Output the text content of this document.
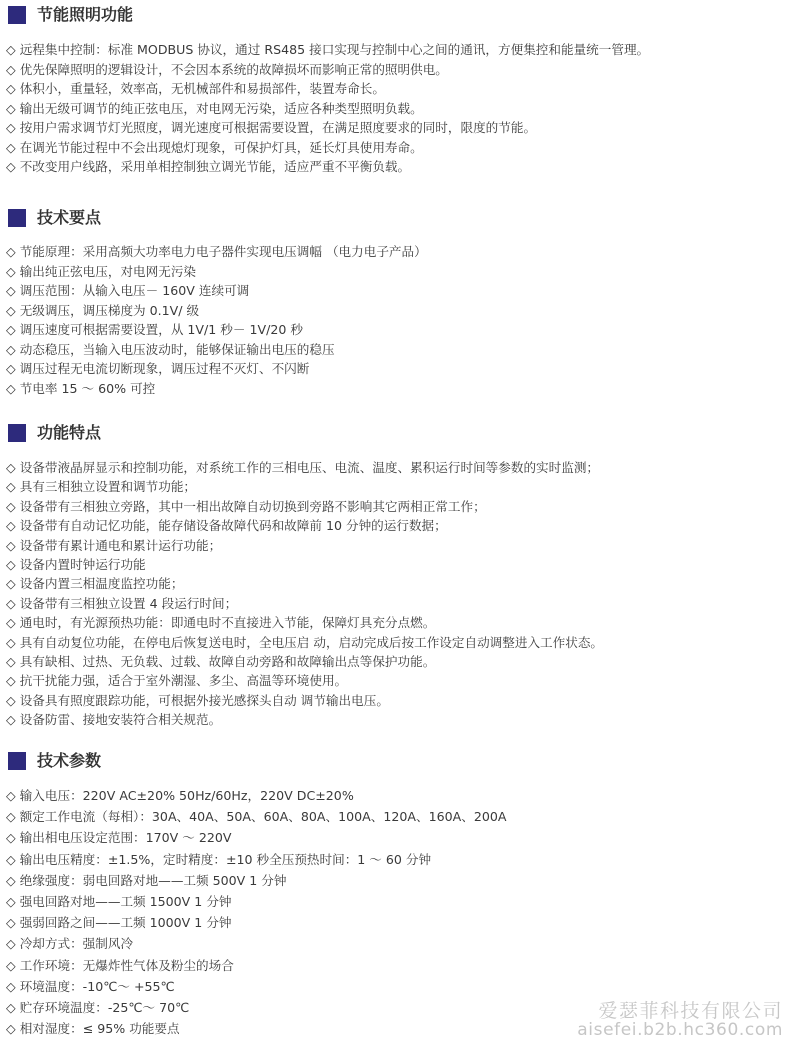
节能照明功能
◇ 远程集中控制：标准 MODBUS 协议，通过 RS485 接口实现与控制中心之间的通讯，方便集控和能量统一管理。
◇ 优先保障照明的逻辑设计，不会因本系统的故障损坏而影响正常的照明供电。
◇ 体积小，重量轻，效率高，无机械部件和易损部件，装置寿命长。
◇ 输出无级可调节的纯正弦电压，对电网无污染，适应各种类型照明负载。
◇ 按用户需求调节灯光照度，调光速度可根据需要设置，在满足照度要求的同时，限度的节能。
◇ 在调光节能过程中不会出现熄灯现象，可保护灯具，延长灯具使用寿命。
◇ 不改变用户线路，采用单相控制独立调光节能，适应严重不平衡负载。
技术要点
◇ 节能原理：采用高频大功率电力电子器件实现电压调幅 （电力电子产品）
◇ 输出纯正弦电压，对电网无污染
◇ 调压范围：从输入电压－ 160V 连续可调
◇ 无级调压，调压梯度为 0.1V/ 级
◇ 调压速度可根据需要设置，从 1V/1 秒－ 1V/20 秒
◇ 动态稳压，当输入电压波动时，能够保证输出电压的稳压
◇ 调压过程无电流切断现象，调压过程不灭灯、不闪断
◇ 节电率 15 ～ 60% 可控
功能特点
◇ 设备带液晶屏显示和控制功能，对系统工作的三相电压、电流、温度、累积运行时间等参数的实时监测；
◇ 具有三相独立设置和调节功能；
◇ 设备带有三相独立旁路，其中一相出故障自动切换到旁路不影响其它两相正常工作；
◇ 设备带有自动记忆功能，能存储设备故障代码和故障前 10 分钟的运行数据；
◇ 设备带有累计通电和累计运行功能；
◇ 设备内置时钟运行功能
◇ 设备内置三相温度监控功能；
◇ 设备带有三相独立设置 4 段运行时间；
◇ 通电时，有光源预热功能：即通电时不直接进入节能，保障灯具充分点燃。
◇ 具有自动复位功能，在停电后恢复送电时，全电压启 动，启动完成后按工作设定自动调整进入工作状态。
◇ 具有缺相、过热、无负载、过载、故障自动旁路和故障输出点等保护功能。
◇ 抗干扰能力强，适合于室外潮湿、多尘、高温等环境使用。
◇ 设备具有照度跟踪功能，可根据外接光感探头自动 调节输出电压。
◇ 设备防雷、接地安装符合相关规范。
技术参数
◇ 输入电压：220V AC±20% 50Hz/60Hz，220V DC±20%
◇ 额定工作电流（每相）：30A、40A、50A、60A、80A、100A、120A、160A、200A
◇ 输出相电压设定范围：170V ～ 220V
◇ 输出电压精度：±1.5%，定时精度：±10 秒全压预热时间：1 ～ 60 分钟
◇ 绝缘强度：弱电回路对地——工频 500V 1 分钟
◇ 强电回路对地——工频 1500V 1 分钟
◇ 强弱回路之间——工频 1000V 1 分钟
◇ 冷却方式：强制风冷
◇ 工作环境：无爆炸性气体及粉尘的场合
◇ 环境温度：-10℃～ +55℃
◇ 贮存环境温度：-25℃～ 70℃
◇ 相对湿度：≤ 95% 功能要点
爱瑟菲科技有限公司
aisefei.b2b.hc360.com
